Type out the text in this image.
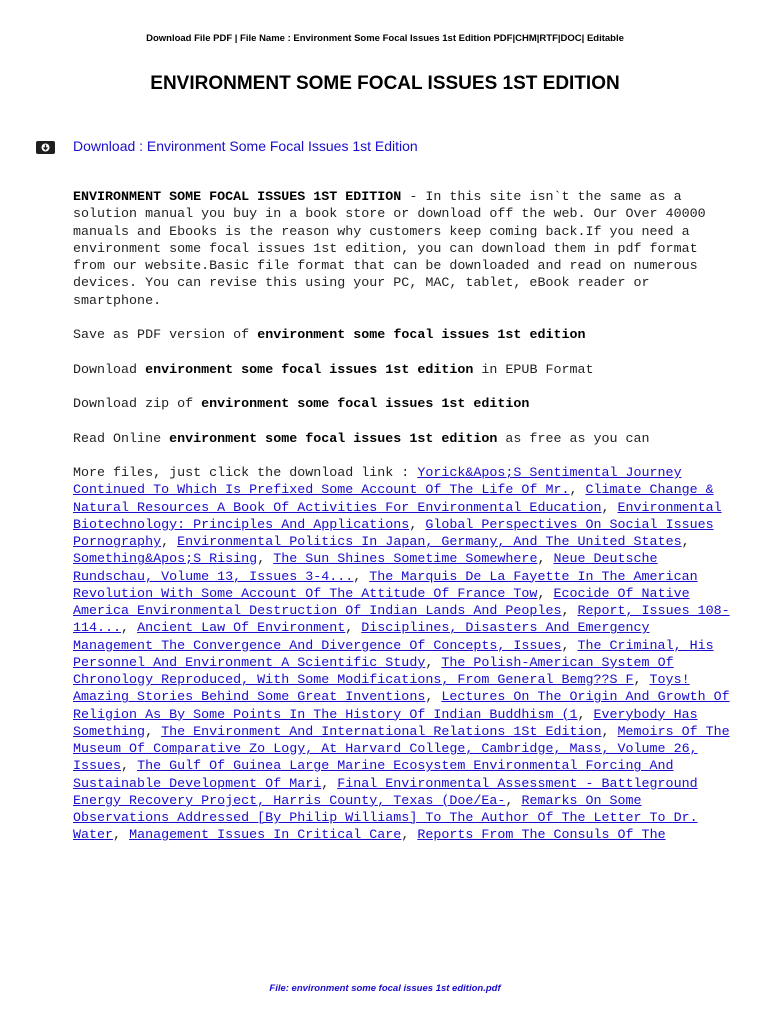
Download File PDF | File Name : Environment Some Focal Issues 1st Edition PDF|CHM|RTF|DOC| Editable
ENVIRONMENT SOME FOCAL ISSUES 1ST EDITION
Download : Environment Some Focal Issues 1st Edition

ENVIRONMENT SOME FOCAL ISSUES 1ST EDITION - In this site isn`t the same as a solution manual you buy in a book store or download off the web. Our Over 40000 manuals and Ebooks is the reason why customers keep coming back.If you need a environment some focal issues 1st edition, you can download them in pdf format from our website.Basic file format that can be downloaded and read on numerous devices. You can revise this using your PC, MAC, tablet, eBook reader or smartphone.

Save as PDF version of environment some focal issues 1st edition

Download environment some focal issues 1st edition in EPUB Format

Download zip of environment some focal issues 1st edition

Read Online environment some focal issues 1st edition as free as you can

More files, just click the download link : Yorick&Apos;S Sentimental Journey Continued To Which Is Prefixed Some Account Of The Life Of Mr., Climate Change & Natural Resources A Book Of Activities For Environmental Education, Environmental Biotechnology: Principles And Applications, Global Perspectives On Social Issues Pornography, Environmental Politics In Japan, Germany, And The United States, Something&Apos;S Rising, The Sun Shines Sometime Somewhere, Neue Deutsche Rundschau, Volume 13, Issues 3-4..., The Marquis De La Fayette In The American Revolution With Some Account Of The Attitude Of France Tow, Ecocide Of Native America Environmental Destruction Of Indian Lands And Peoples, Report, Issues 108-114..., Ancient Law Of Environment, Disciplines, Disasters And Emergency Management The Convergence And Divergence Of Concepts, Issues, The Criminal, His Personnel And Environment A Scientific Study, The Polish-American System Of Chronology Reproduced, With Some Modifications, From General Bemg??S F, Toys! Amazing Stories Behind Some Great Inventions, Lectures On The Origin And Growth Of Religion As By Some Points In The History Of Indian Buddhism (1, Everybody Has Something, The Environment And International Relations 1St Edition, Memoirs Of The Museum Of Comparative Zo Logy, At Harvard College, Cambridge, Mass, Volume 26, Issues, The Gulf Of Guinea Large Marine Ecosystem Environmental Forcing And Sustainable Development Of Mari, Final Environmental Assessment - Battleground Energy Recovery Project, Harris County, Texas (Doe/Ea-, Remarks On Some Observations Addressed [By Philip Williams] To The Author Of The Letter To Dr. Water, Management Issues In Critical Care, Reports From The Consuls Of The

File: environment some focal issues 1st edition.pdf
